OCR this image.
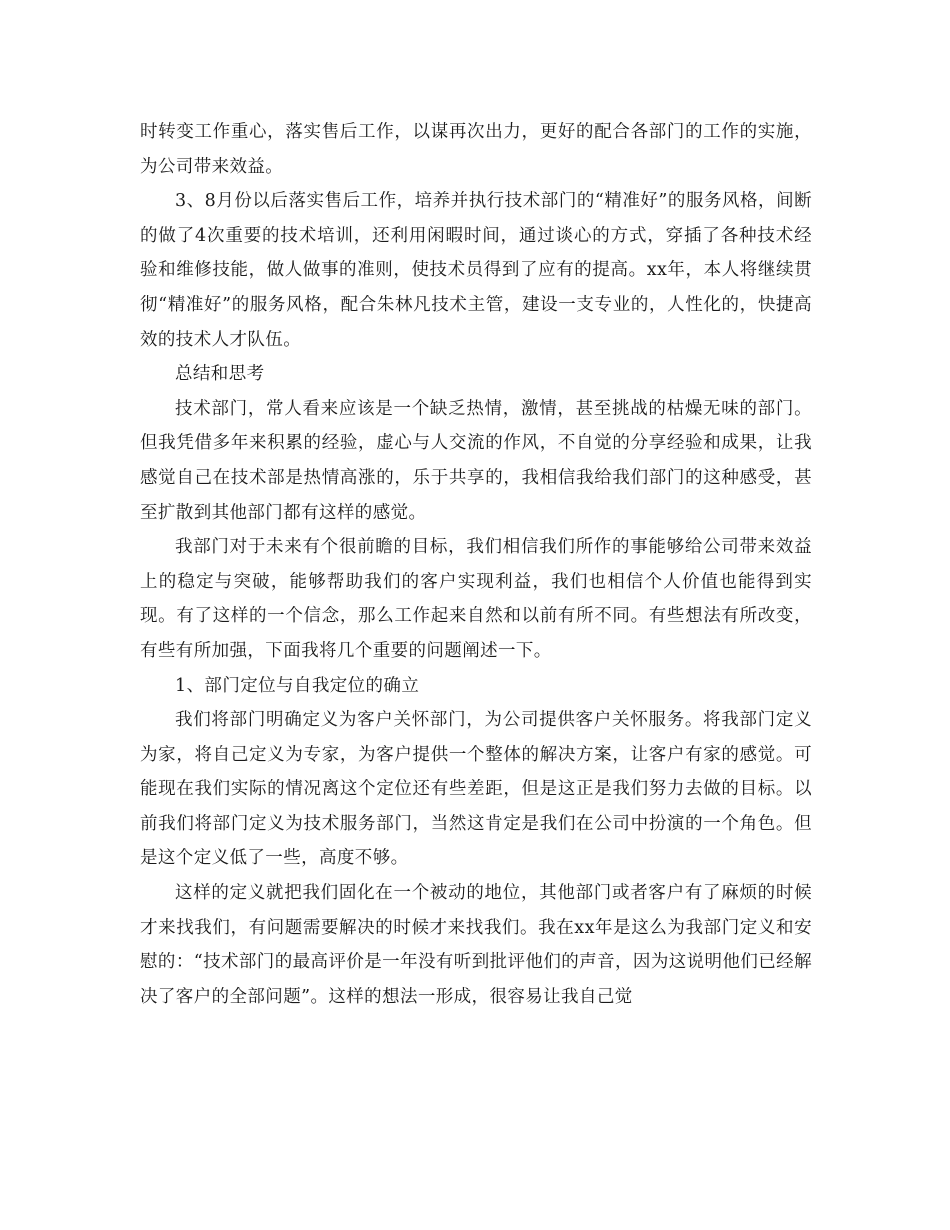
时转变工作重心，落实售后工作，以谋再次出力，更好的配合各部门的工作的实施，为公司带来效益。

3、8月份以后落实售后工作，培养并执行技术部门的“精准好”的服务风格，间断的做了4次重要的技术培训，还利用闲暇时间，通过谈心的方式，穿插了各种技术经验和维修技能，做人做事的准则，使技术员得到了应有的提高。xx年，本人将继续贯彻“精准好”的服务风格，配合朱林凡技术主管，建设一支专业的，人性化的，快捷高效的技术人才队伍。

总结和思考

技术部门，常人看来应该是一个缺乏热情，激情，甚至挑战的枯燥无味的部门。但我凭借多年来积累的经验，虚心与人交流的作风，不自觉的分享经验和成果，让我感觉自己在技术部是热情高涨的，乐于共享的，我相信我给我们部门的这种感受，甚至扩散到其他部门都有这样的感觉。

我部门对于未来有个很前瞻的目标，我们相信我们所作的事能够给公司带来效益上的稳定与突破，能够帮助我们的客户实现利益，我们也相信个人价值也能得到实现。有了这样的一个信念，那么工作起来自然和以前有所不同。有些想法有所改变，有些有所加强，下面我将几个重要的问题阐述一下。

1、部门定位与自我定位的确立

我们将部门明确定义为客户关怀部门，为公司提供客户关怀服务。将我部门定义为家，将自己定义为专家，为客户提供一个整体的解决方案，让客户有家的感觉。可能现在我们实际的情况离这个定位还有些差距，但是这正是我们努力去做的目标。以前我们将部门定义为技术服务部门，当然这肯定是我们在公司中扮演的一个角色。但是这个定义低了一些，高度不够。

这样的定义就把我们固化在一个被动的地位，其他部门或者客户有了麻烦的时候才来找我们，有问题需要解决的时候才来找我们。我在xx年是这么为我部门定义和安慰的：“技术部门的最高评价是一年没有听到批评他们的声音，因为这说明他们已经解决了客户的全部问题”。这样的想法一形成，很容易让我自己觉
